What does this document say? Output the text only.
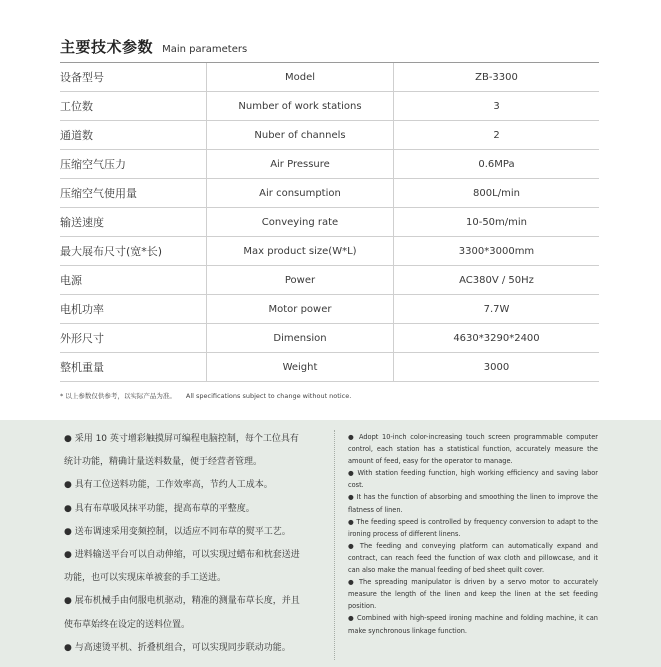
主要技术参数 Main parameters
设备型号	Model	ZB-3300
工位数	Number of work stations	3
通道数	Nuber of channels	2
压缩空气压力	Air Pressure	0.6MPa
压缩空气使用量	Air consumption	800L/min
输送速度	Conveying rate	10-50m/min
最大展布尺寸(宽*长)	Max product size(W*L)	3300*3000mm
电源	Power	AC380V / 50Hz
电机功率	Motor power	7.7W
外形尺寸	Dimension	4630*3290*2400
整机重量	Weight	3000
* 以上参数仅供参考，以实际产品为准。 All specifications subject to change without notice.

● 采用 10 英寸增彩触摸屏可编程电脑控制，每个工位具有

统计功能，精确计量送料数量，便于经营者管理。

● 具有工位送料功能，工作效率高，节约人工成本。

● 具有布草吸风抹平功能，提高布草的平整度。

● 送布调速采用变频控制，以适应不同布草的熨平工艺。

● 进料输送平台可以自动伸缩，可以实现过蜡布和枕套送进

功能，也可以实现床单被套的手工送进。

● 展布机械手由伺服电机驱动，精准的测量布草长度，并且

使布草始终在设定的送料位置。

● 与高速烫平机、折叠机组合，可以实现同步联动功能。

● Adopt 10-inch color-increasing touch screen programmable computer control, each station has a statistical function, accurately measure the amount of feed, easy for the operator to manage.

● With station feeding function, high working efficiency and saving labor cost.

● It has the function of absorbing and smoothing the linen to improve the flatness of linen.

● The feeding speed is controlled by frequency conversion to adapt to the ironing process of different linens.

● The feeding and conveying platform can automatically expand and contract, can reach feed the function of wax cloth and pillowcase, and it can also make the manual feeding of bed sheet quilt cover.

● The spreading manipulator is driven by a servo motor to accurately measure the length of the linen and keep the linen at the set feeding position.

● Combined with high-speed ironing machine and folding machine, it can make synchronous linkage function.
